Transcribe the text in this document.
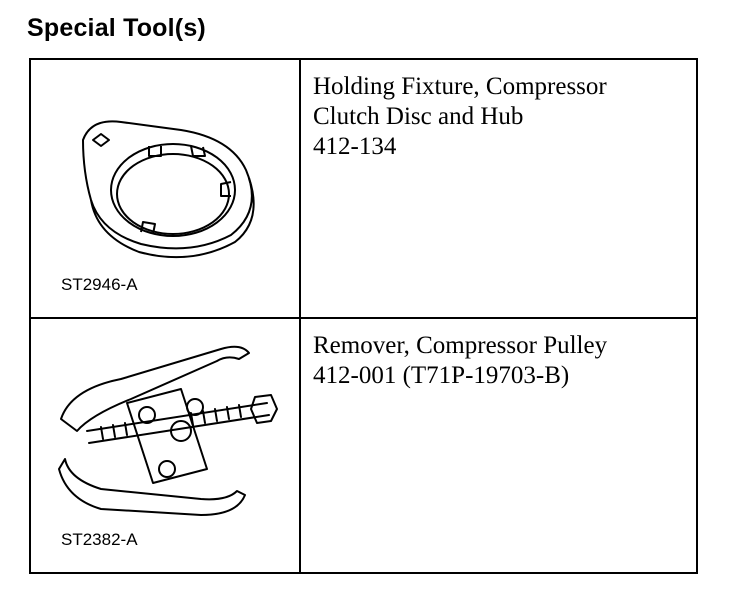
Special Tool(s)
ST2946-A	Holding Fixture, Compressor
Clutch Disc and Hub
412-134

ST2382-A	Remover, Compressor Pulley
412-001 (T71P-19703-B)
